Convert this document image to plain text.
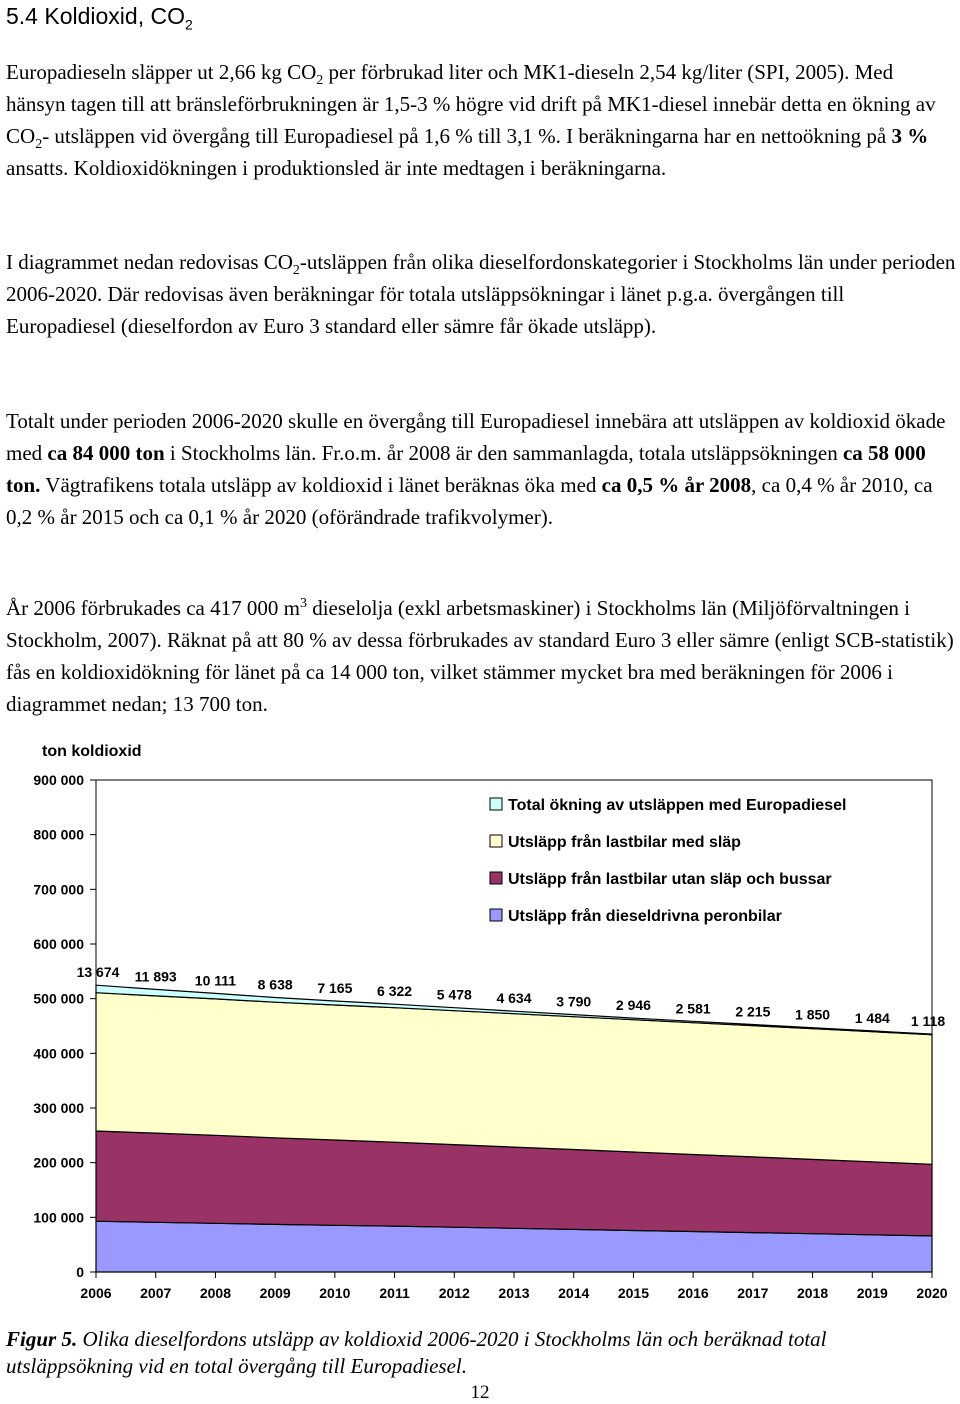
5.4 Koldioxid, $CO_2$

Europadieseln släpper ut 2,66 kg $CO_2$ per förbrukad liter och MK1-dieseln 2,54 kg/liter (SPI, 2005). Med hänsyn tagen till att bränsleförbrukningen är 1,5-3 % högre vid drift på MK1-diesel innebär detta en ökning av $CO_2-$ utsläppen vid övergång till Europadiesel på 1,6 % till 3,1 %. I beräkningarna har en nettoökning på 3 % ansatts. Koldioxidökningen i produktionsled är inte medtagen i beräkningarna.

I diagrammet nedan redovisas $CO_2$-utsläppen från olika dieselfordonskategorier i Stockholms län under perioden 2006-2020. Där redovisas även beräkningar för totala utsläppsökningar i länet p.g.a. övergången till Europadiesel (dieselfordon av Euro 3 standard eller sämre får ökade utsläpp).

Totalt under perioden 2006-2020 skulle en övergång till Europadiesel innebära att utsläppen av koldioxid ökade med ca 84 000 ton i Stockholms län. Fr.o.m. år 2008 är den sammanlagda, totala utsläppsökningen ca 58 000 ton. Vägtrafikens totala utsläpp av koldioxid i länet beräknas öka med ca 0,5 % år 2008, ca 0,4 % år 2010, ca 0,2 % år 2015 och ca 0,1 % år 2020 (oförändrade trafikvolymer).

År 2006 förbrukades ca 417 000 $m^3$ dieselolja (exkl arbetsmaskiner) i Stockholms län (Miljöförvaltningen i Stockholm, 2007). Räknat på att 80 % av dessa förbrukades av standard Euro 3 eller sämre (enligt SCB-statistik) fås en koldioxidökning för länet på ca 14 000 ton, vilket stämmer mycket bra med beräkningen för 2006 i diagrammet nedan; 13 700 ton.

ton koldioxid
0
100 000
200 000
300 000
400 000
500 000
600 000
700 000
800 000
900 000
2006 2007 2008 2009 2010 2011 2012 2013 2014 2015 2016 2017 2018 2019 2020
13 674 11 893 10 111 8 638 7 165 6 322 5 478 4 634 3 790 2 946 2 581 2 215 1 850 1 484 1 118
Total ökning av utsläppen med Europadiesel
Utsläpp från lastbilar med släp
Utsläpp från lastbilar utan släp och bussar
Utsläpp från dieseldrivna peronbilar
Figur 5. Olika dieselfordons utsläpp av koldioxid 2006-2020 i Stockholms län och beräknad total utsläppsökning vid en total övergång till Europadiesel.
12
